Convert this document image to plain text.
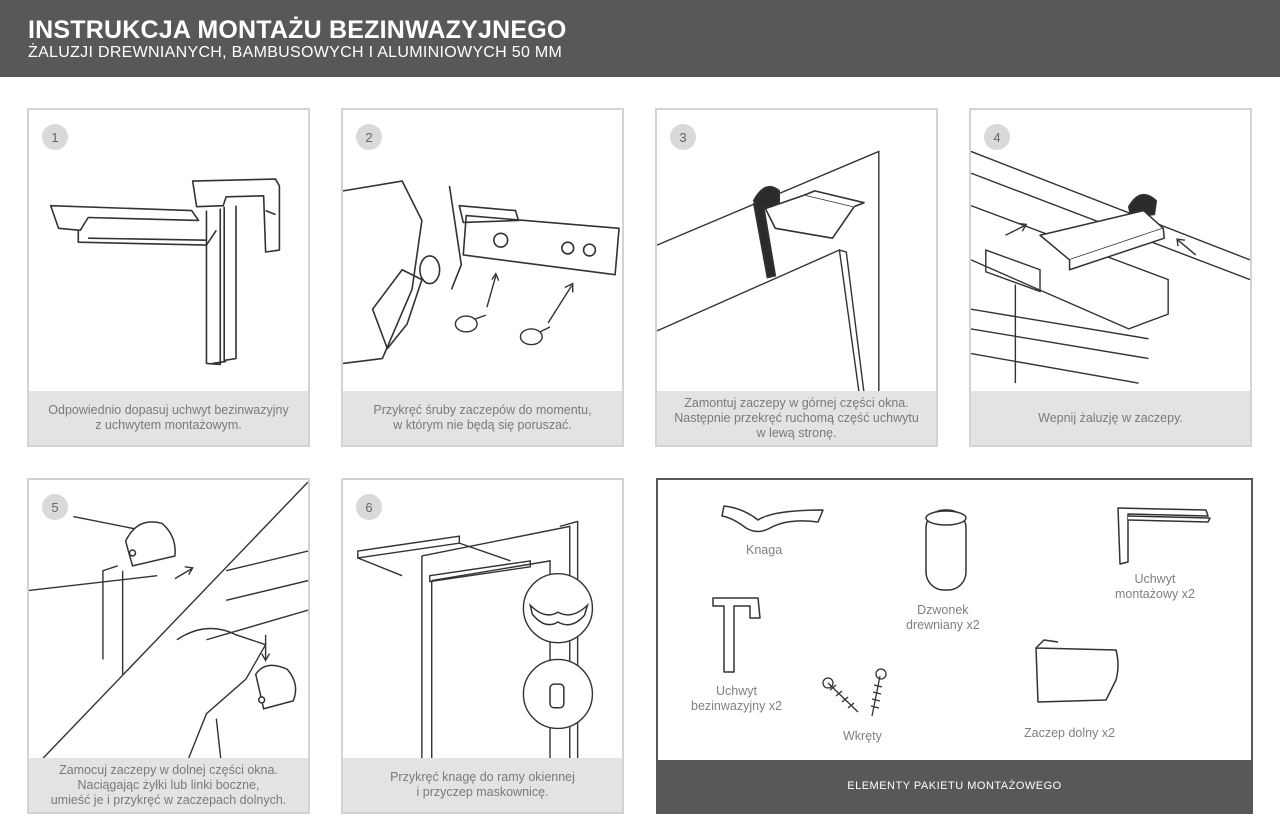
INSTRUKCJA MONTAŻU BEZINWAZYJNEGO
ŻALUZJI DREWNIANYCH, BAMBUSOWYCH I ALUMINIOWYCH 50 MM
1
Odpowiednio dopasuj uchwyt bezinwazyjny
z uchwytem montażowym.
2
Przykręć śruby zaczepów do momentu,
w którym nie będą się poruszać.
3
Zamontuj zaczepy w górnej części okna.
Następnie przekręć ruchomą część uchwytu
w lewą stronę.
4
Wepnij żaluzję w zaczepy.
5
Zamocuj zaczepy w dolnej części okna.
Naciągając żyłki lub linki boczne,
umieść je i przykręć w zaczepach dolnych.
6
Przykręć knagę do ramy okiennej
i przyczep maskownicę.
Knaga
Dzwonek
drewniany x2
Uchwyt
montażowy x2
Uchwyt
bezinwazyjny x2
Wkręty	Zaczep dolny x2
ELEMENTY PAKIETU MONTAŻOWEGO
